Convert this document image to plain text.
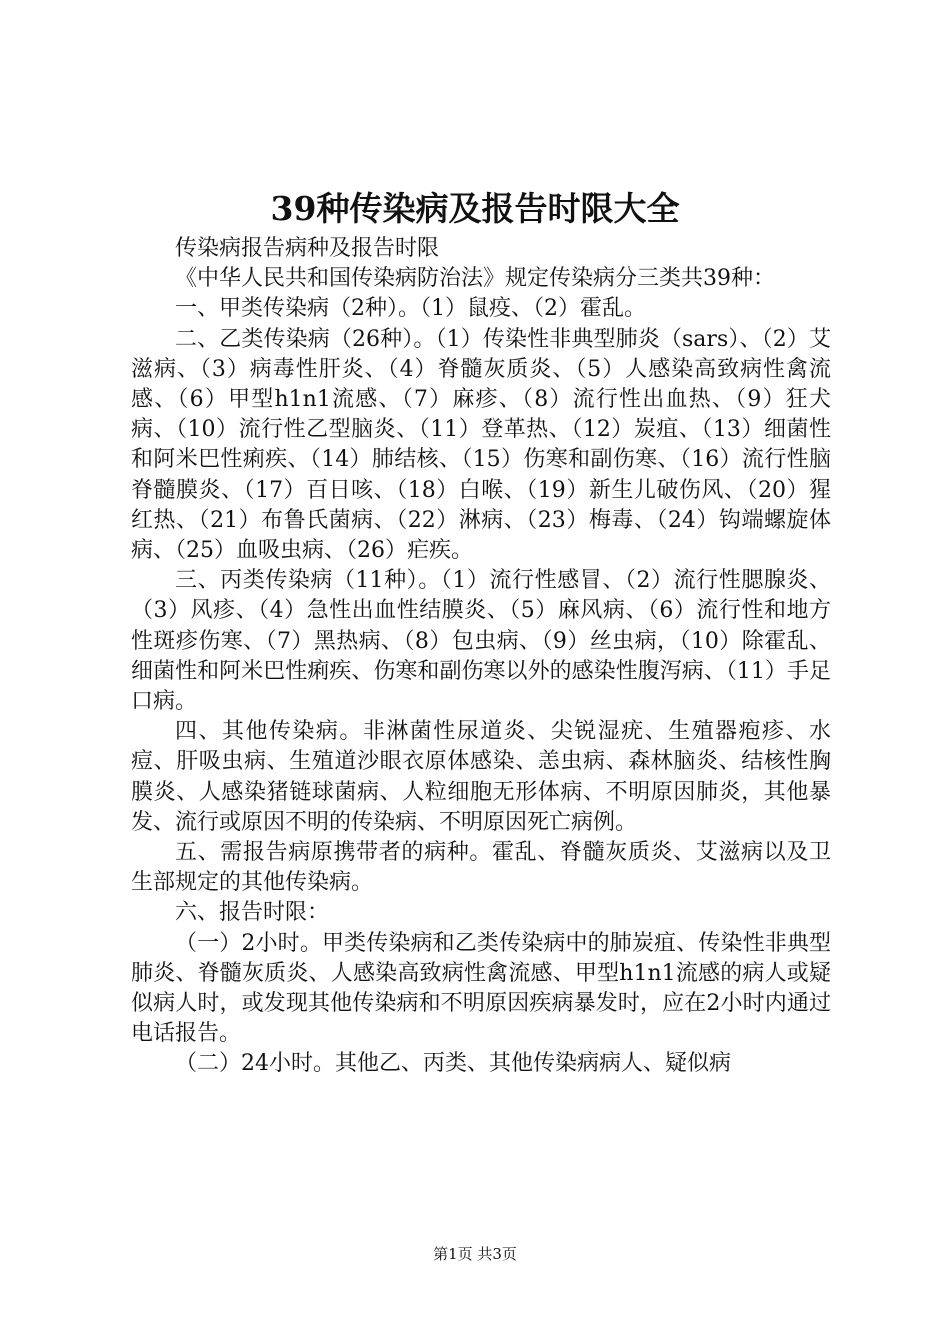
39种传染病及报告时限大全

传染病报告病种及报告时限

《中华人民共和国传染病防治法》规定传染病分三类共39种：

一、甲类传染病（2种）。（1）鼠疫、（2）霍乱。

二、乙类传染病（26种）。（1）传染性非典型肺炎（sars）、（2）艾滋病、（3）病毒性肝炎、（4）脊髓灰质炎、（5）人感染高致病性禽流感、（6）甲型h1n1流感、（7）麻疹、（8）流行性出血热、（9）狂犬病、（10）流行性乙型脑炎、（11）登革热、（12）炭疽、（13）细菌性和阿米巴性痢疾、（14）肺结核、（15）伤寒和副伤寒、（16）流行性脑脊髓膜炎、（17）百日咳、（18）白喉、（19）新生儿破伤风、（20）猩红热、（21）布鲁氏菌病、（22）淋病、（23）梅毒、（24）钩端螺旋体病、（25）血吸虫病、（26）疟疾。

三、丙类传染病（11种）。（1）流行性感冒、（2）流行性腮腺炎、（3）风疹、（4）急性出血性结膜炎、（5）麻风病、（6）流行性和地方性斑疹伤寒、（7）黑热病、（8）包虫病、（9）丝虫病，（10）除霍乱、细菌性和阿米巴性痢疾、伤寒和副伤寒以外的感染性腹泻病、（11）手足口病。

四、其他传染病。非淋菌性尿道炎、尖锐湿疣、生殖器疱疹、水痘、肝吸虫病、生殖道沙眼衣原体感染、恙虫病、森林脑炎、结核性胸膜炎、人感染猪链球菌病、人粒细胞无形体病、不明原因肺炎，其他暴发、流行或原因不明的传染病、不明原因死亡病例。

五、需报告病原携带者的病种。霍乱、脊髓灰质炎、艾滋病以及卫生部规定的其他传染病。

六、报告时限：

（一）2小时。甲类传染病和乙类传染病中的肺炭疽、传染性非典型肺炎、脊髓灰质炎、人感染高致病性禽流感、甲型h1n1流感的病人或疑似病人时，或发现其他传染病和不明原因疾病暴发时，应在2小时内通过电话报告。

（二）24小时。其他乙、丙类、其他传染病病人、疑似病

第1页 共3页
